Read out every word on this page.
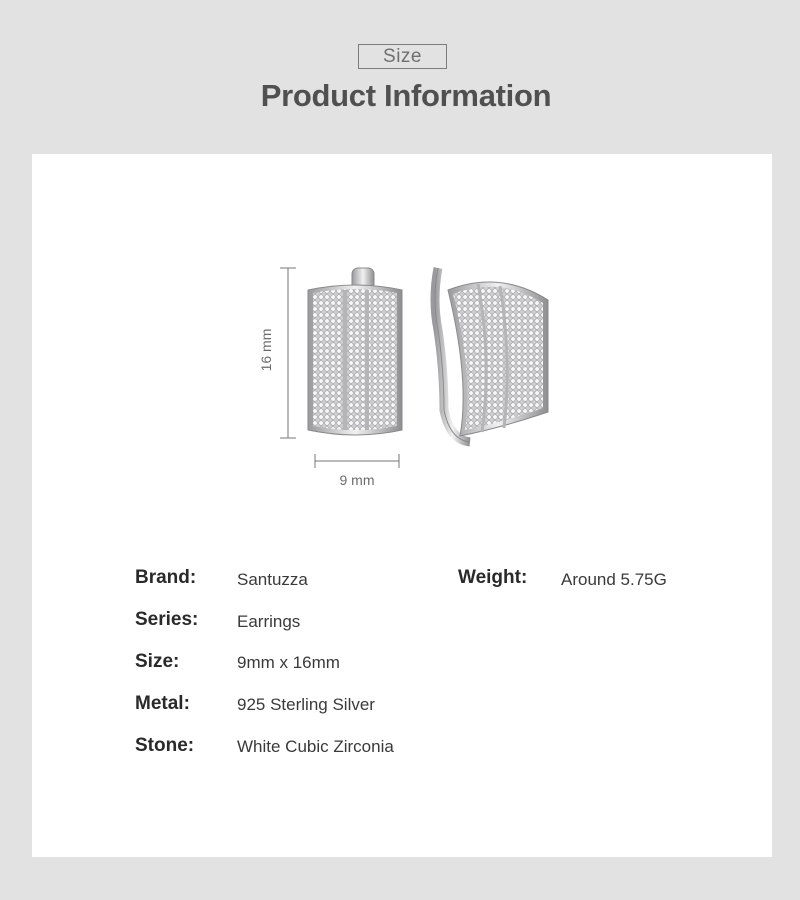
Size
Product Information
16 mm
9 mm
Brand: Santuzza
Series: Earrings
Size:	9mm x 16mm
Metal:	925 Sterling Silver
Stone:	White Cubic Zirconia
Weight: Around 5.75G
